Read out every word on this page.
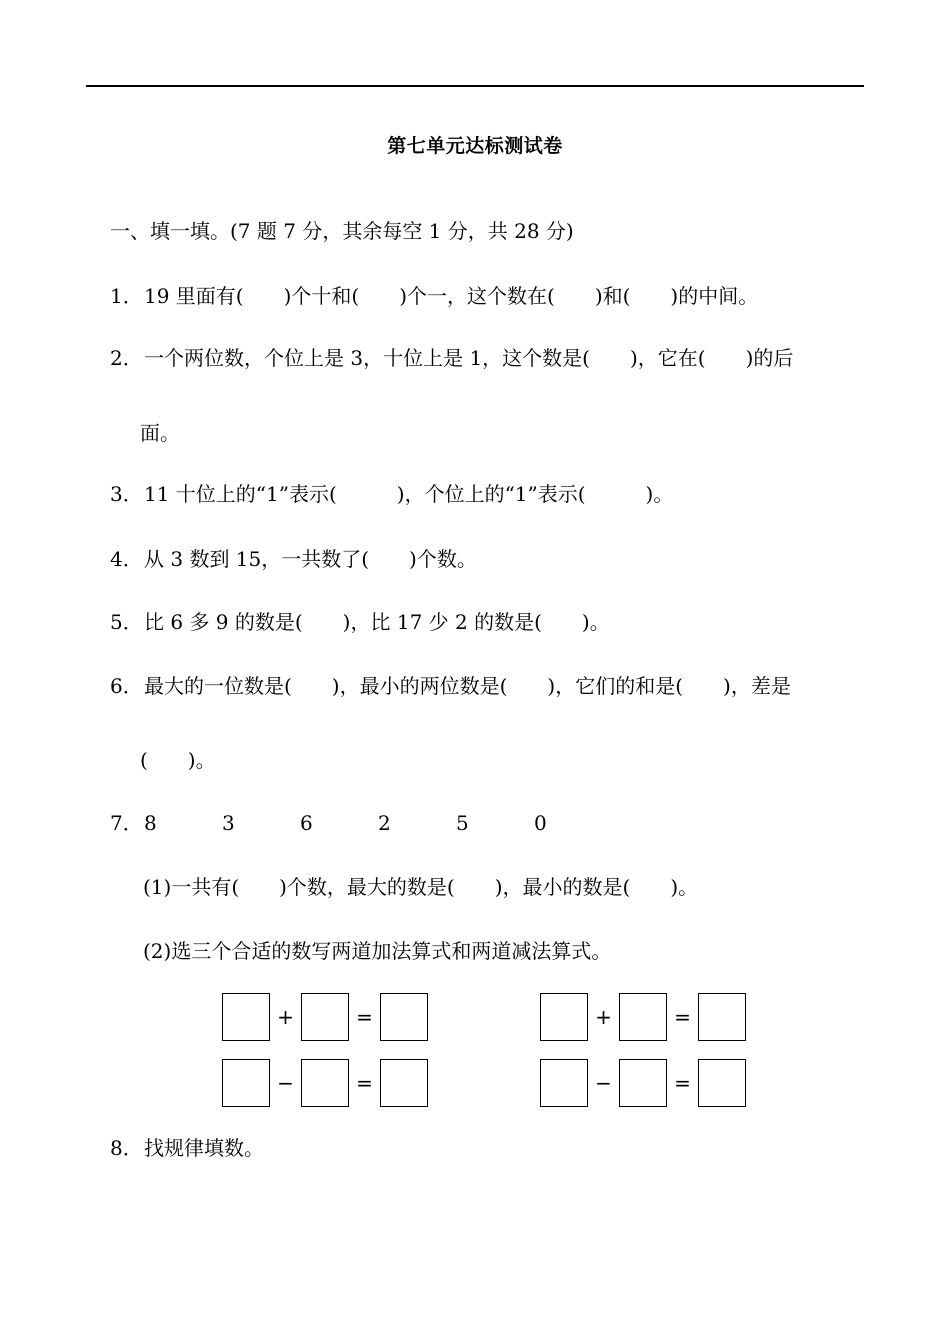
第七单元达标测试卷
一、填一填。(7 题 7 分，其余每空 1 分，共 28 分)
1．19 里面有(　　)个十和(　　)个一，这个数在(　　)和(　　)的中间。
2．一个两位数，个位上是 3，十位上是 1，这个数是(　　)，它在(　　)的后
面。
3．11 十位上的“1”表示(　　　)，个位上的“1”表示(　　　)。
4．从 3 数到 15，一共数了(　　)个数。
5．比 6 多 9 的数是(　　)，比 17 少 2 的数是(　　)。
6．最大的一位数是(　　)，最小的两位数是(　　)，它们的和是(　　)，差是
(　　)。
7．8	3	6	2	5	0
(1)一共有(　　)个数，最大的数是(　　)，最小的数是(　　)。
(2)选三个合适的数写两道加法算式和两道减法算式。
+	=	+	=
−	=	−	=
8．找规律填数。
